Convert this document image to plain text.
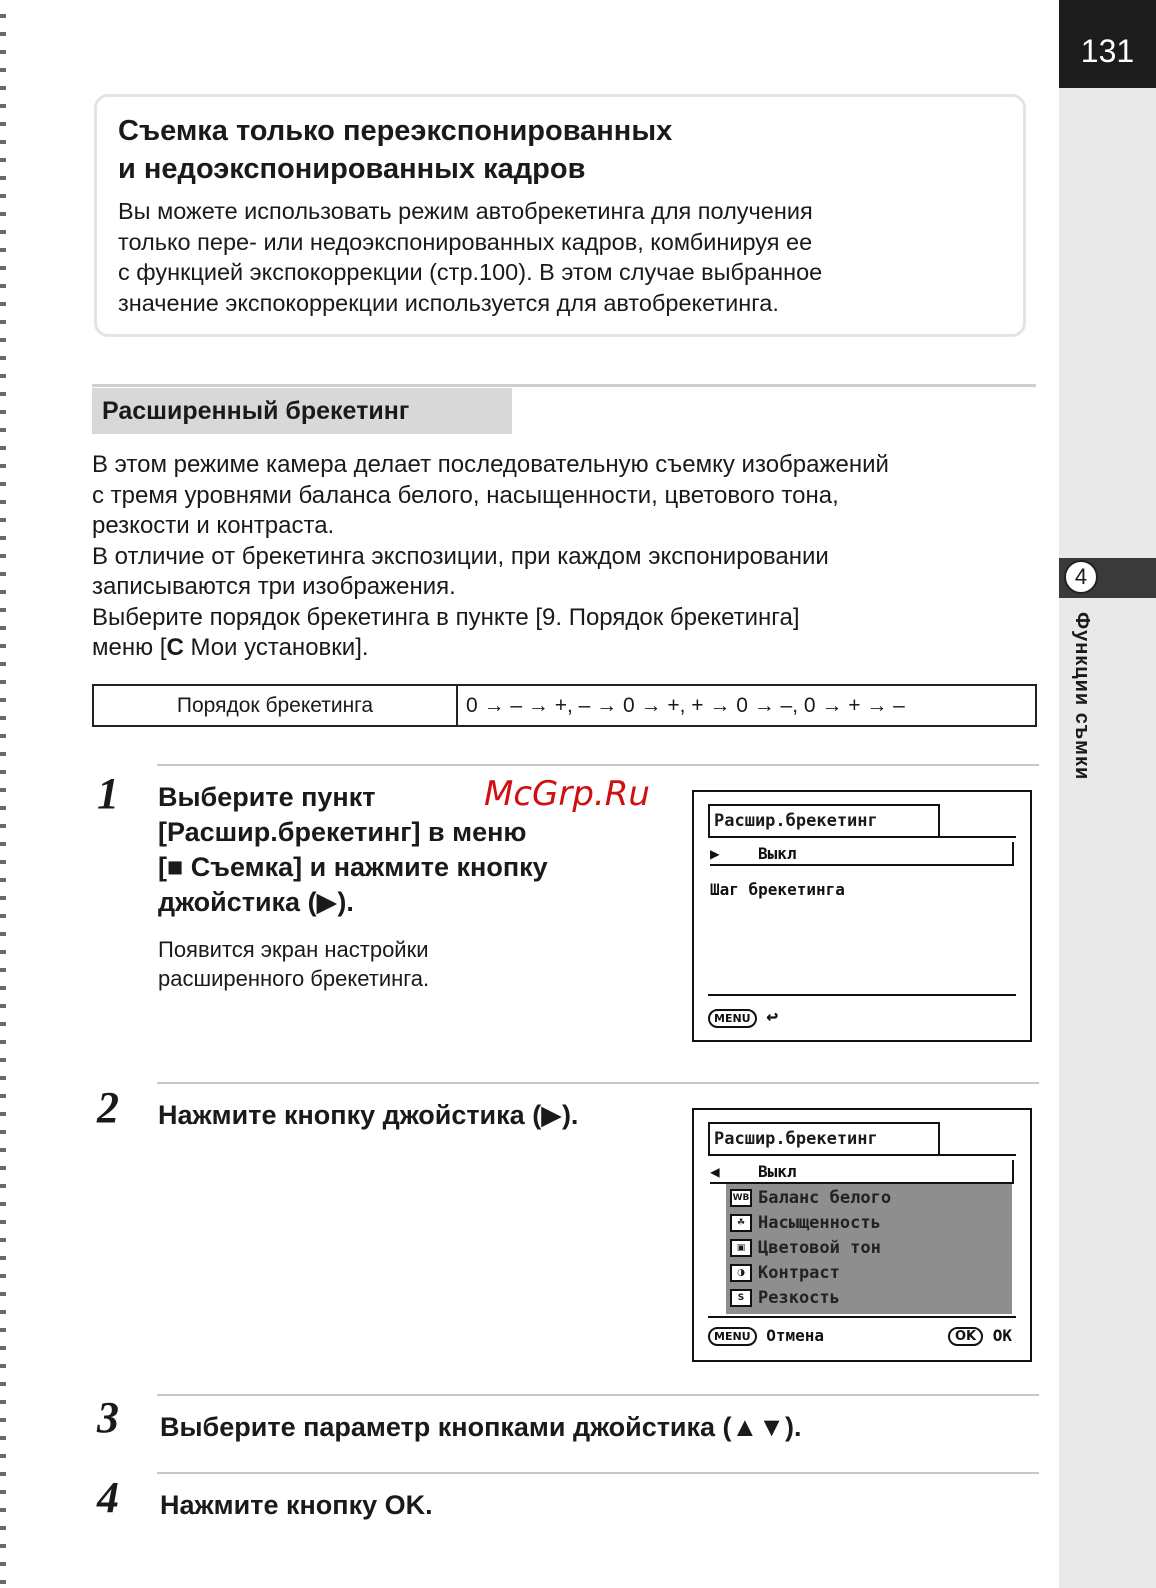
131
4
Функции съмки
Съемка только переэкспонированных
и недоэкспонированных кадров
Вы можете использовать режим автобрекетинга для получения
только пере- или недоэкспонированных кадров, комбинируя ее
с функцией экспокоррекции (стр.100). В этом случае выбранное
значение экспокоррекции используется для автобрекетинга.
Расширенный брекетинг
В этом режиме камера делает последовательную съемку изображений
с тремя уровнями баланса белого, насыщенности, цветового тона,
резкости и контраста.
В отличие от брекетинга экспозиции, при каждом экспонировании
записываются три изображения.
Выберите порядок брекетинга в пункте [9. Порядок брекетинга]
меню [C Мои установки].
Порядок брекетинга	0 → – → +, – → 0 → +, + → 0 → –, 0 → + → –
McGrp.Ru
1 Выберите пункт
[Расшир.брекетинг] в меню
[■ Съемка] и нажмите кнопку
джойстика (▶).
Появится экран настройки
расширенного брекетинга.
Расшир.брекетинг
▶ Выкл
Шаг брекетинга
MENU ↩
2 Нажмите кнопку джойстика (▶).
Расшир.брекетинг
◀ Выкл
WB Баланс белого
☘ Насыщенность
▣ Цветовой тон
◑ Контраст
S Резкость
MENU Отмена	OK OK
3 Выберите параметр кнопками джойстика (▲▼).
4 Нажмите кнопку OK.
